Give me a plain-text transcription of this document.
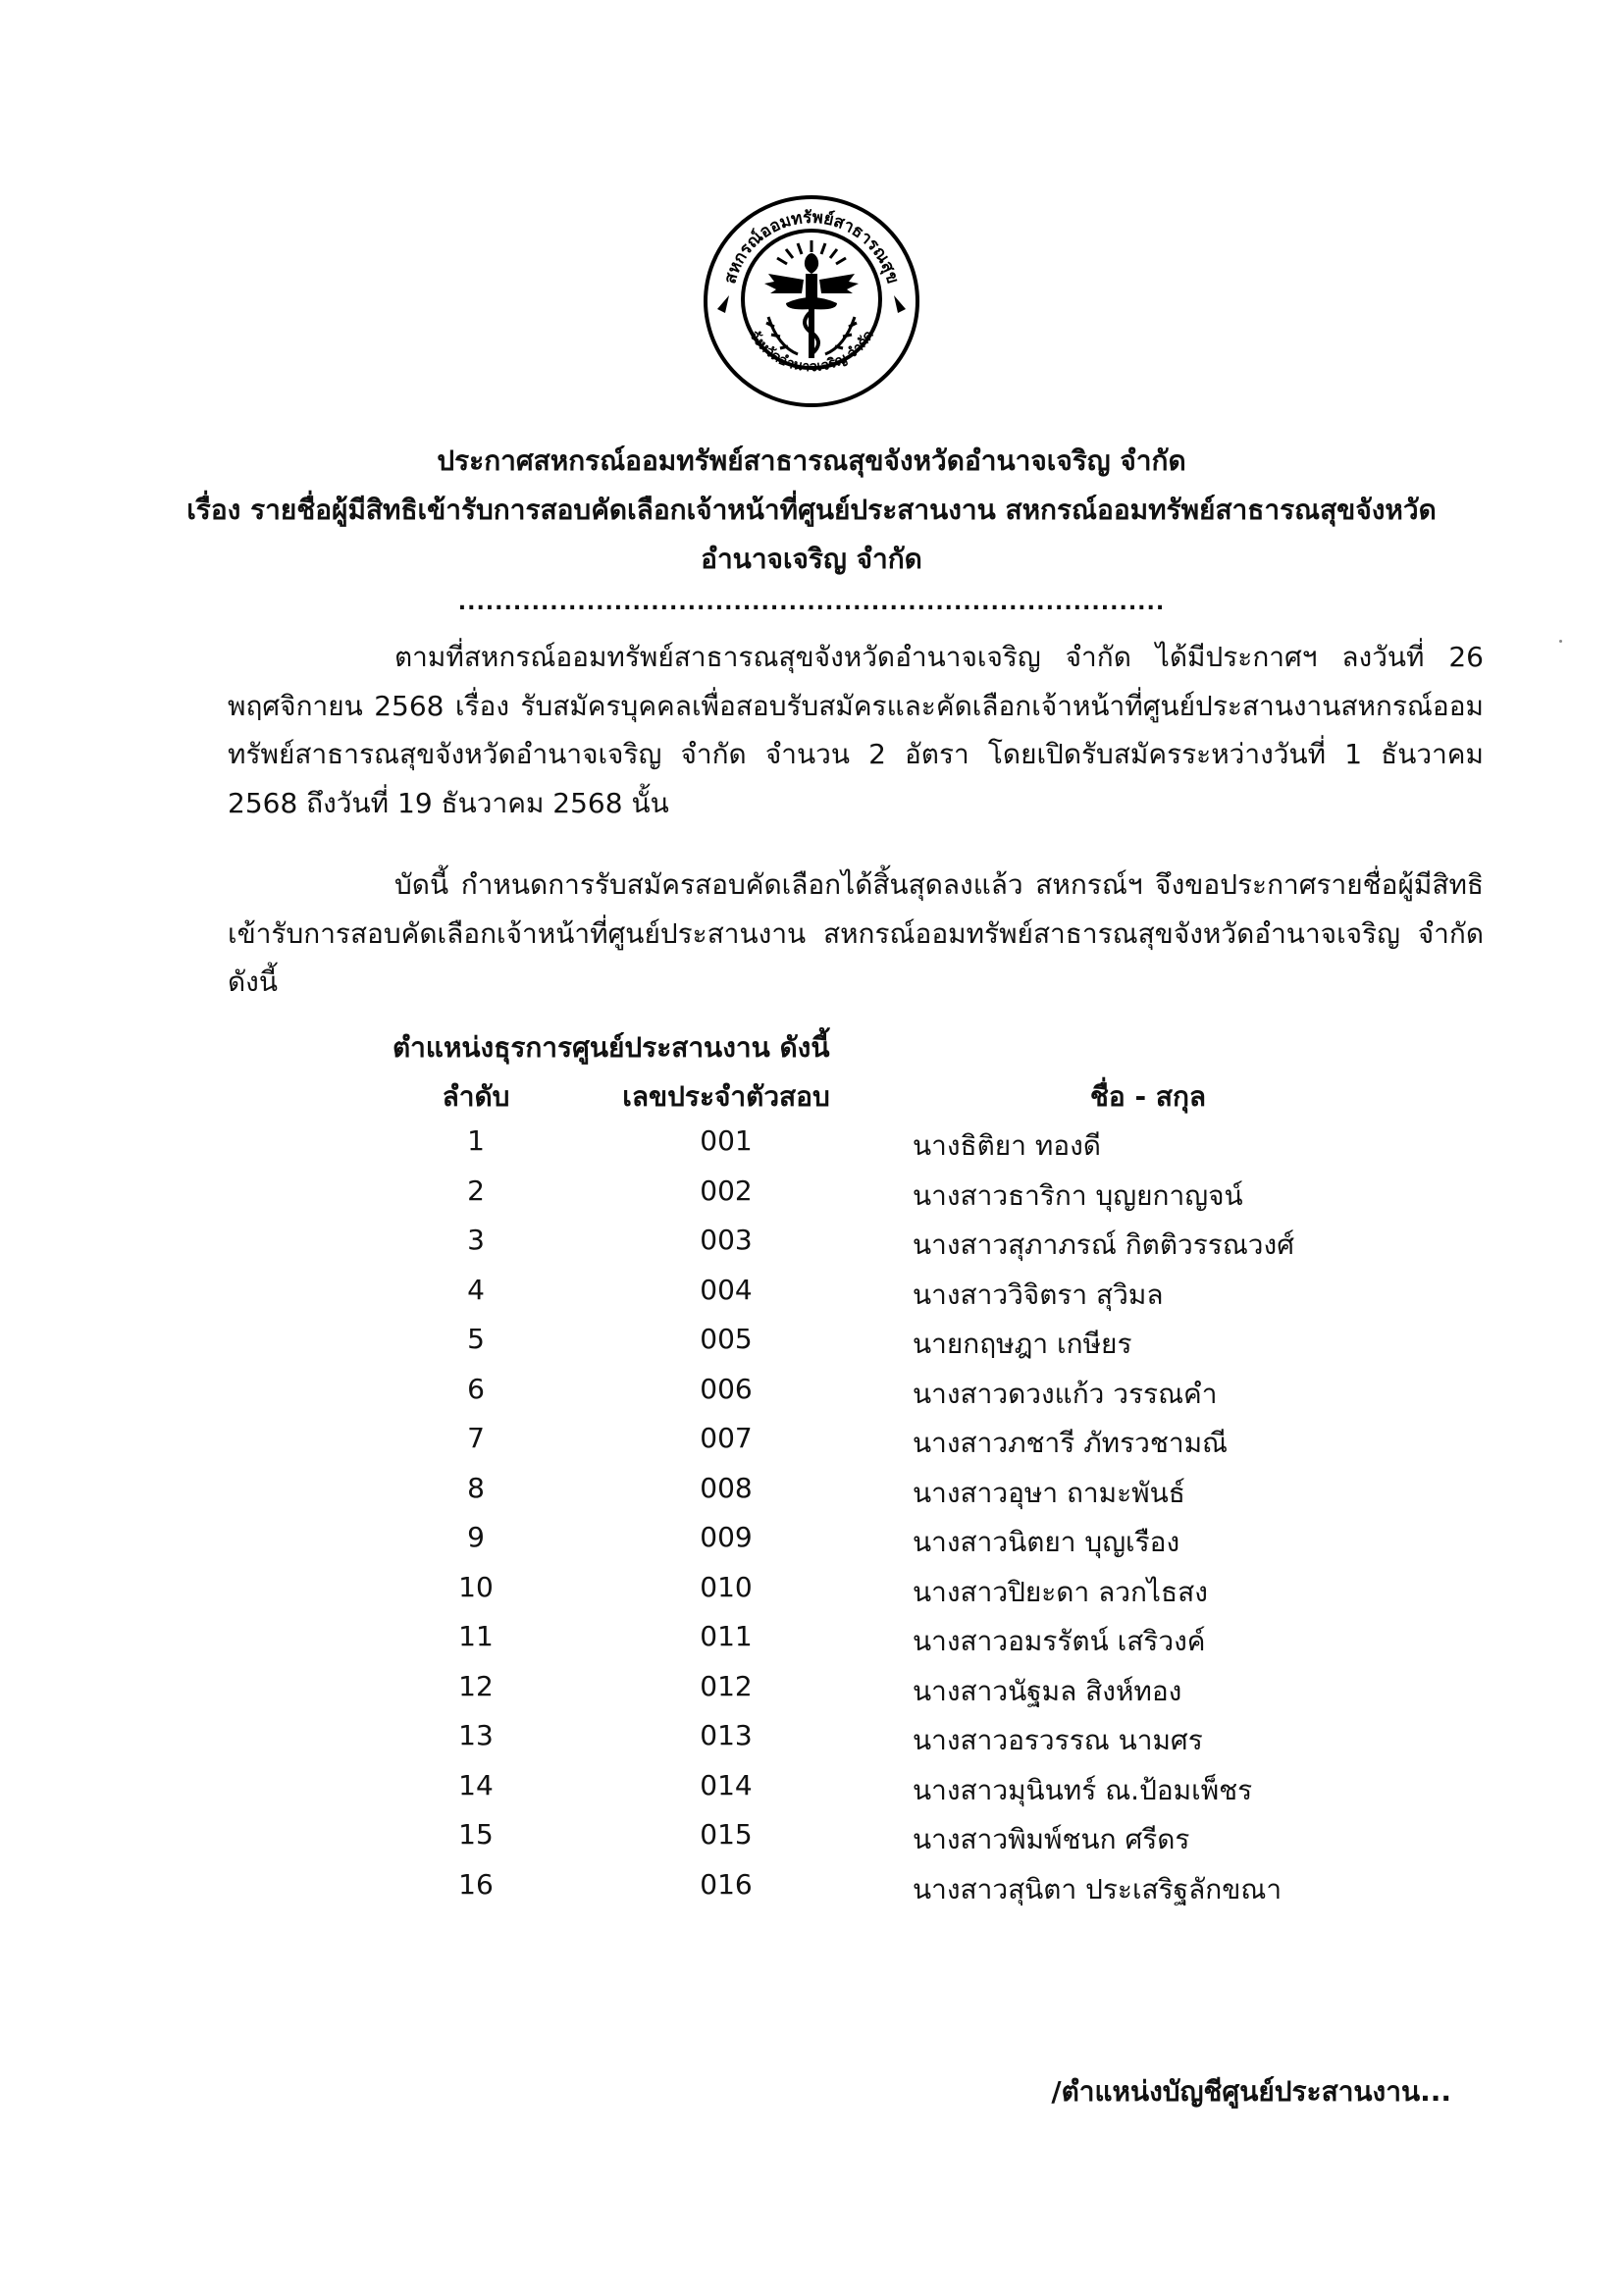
สหกรณ์ออมทรัพย์สาธารณสุข
จังหวัดอำนาจเจริญ จำกัด
ประกาศสหกรณ์ออมทรัพย์สาธารณสุขจังหวัดอำนาจเจริญ จำกัด
เรื่อง รายชื่อผู้มีสิทธิเข้ารับการสอบคัดเลือกเจ้าหน้าที่ศูนย์ประสานงาน สหกรณ์ออมทรัพย์สาธารณสุขจังหวัด
อำนาจเจริญ จำกัด
.............................................................................
ตามที่สหกรณ์ออมทรัพย์สาธารณสุขจังหวัดอำนาจเจริญ จำกัด ได้มีประกาศฯ ลงวันที่ 26 พฤศจิกายน 2568 เรื่อง รับสมัครบุคคลเพื่อสอบรับสมัครและคัดเลือกเจ้าหน้าที่ศูนย์ประสานงานสหกรณ์ออมทรัพย์สาธารณสุขจังหวัดอำนาจเจริญ จำกัด จำนวน 2 อัตรา โดยเปิดรับสมัครระหว่างวันที่ 1 ธันวาคม 2568 ถึงวันที่ 19 ธันวาคม 2568 นั้น
บัดนี้ กำหนดการรับสมัครสอบคัดเลือกได้สิ้นสุดลงแล้ว สหกรณ์ฯ จึงขอประกาศรายชื่อผู้มีสิทธิเข้ารับการสอบคัดเลือกเจ้าหน้าที่ศูนย์ประสานงาน สหกรณ์ออมทรัพย์สาธารณสุขจังหวัดอำนาจเจริญ จำกัด ดังนี้
ตำแหน่งธุรการศูนย์ประสานงาน ดังนี้
ลำดับ	เลขประจำตัวสอบ	ชื่อ - สกุล
1	001	นางธิติยา ทองดี
2	002	นางสาวธาริกา บุญยกาญจน์
3	003	นางสาวสุภาภรณ์ กิตติวรรณวงศ์
4	004	นางสาววิจิตรา สุวิมล
5	005	นายกฤษฎา เกษียร
6	006	นางสาวดวงแก้ว วรรณคำ
7	007	นางสาวภชารี ภัทรวชามณี
8	008	นางสาวอุษา ถามะพันธ์
9	009	นางสาวนิตยา บุญเรือง
10	010	นางสาวปิยะดา ลวกไธสง
11	011	นางสาวอมรรัตน์ เสริวงค์
12	012	นางสาวนัฐมล สิงห์ทอง
13	013	นางสาวอรวรรณ นามศร
14	014	นางสาวมุนินทร์ ณ.ป้อมเพ็ชร
15	015	นางสาวพิมพ์ชนก ศรีดร
16	016	นางสาวสุนิตา ประเสริฐลักขณา
/ตำแหน่งบัญชีศูนย์ประสานงาน...
